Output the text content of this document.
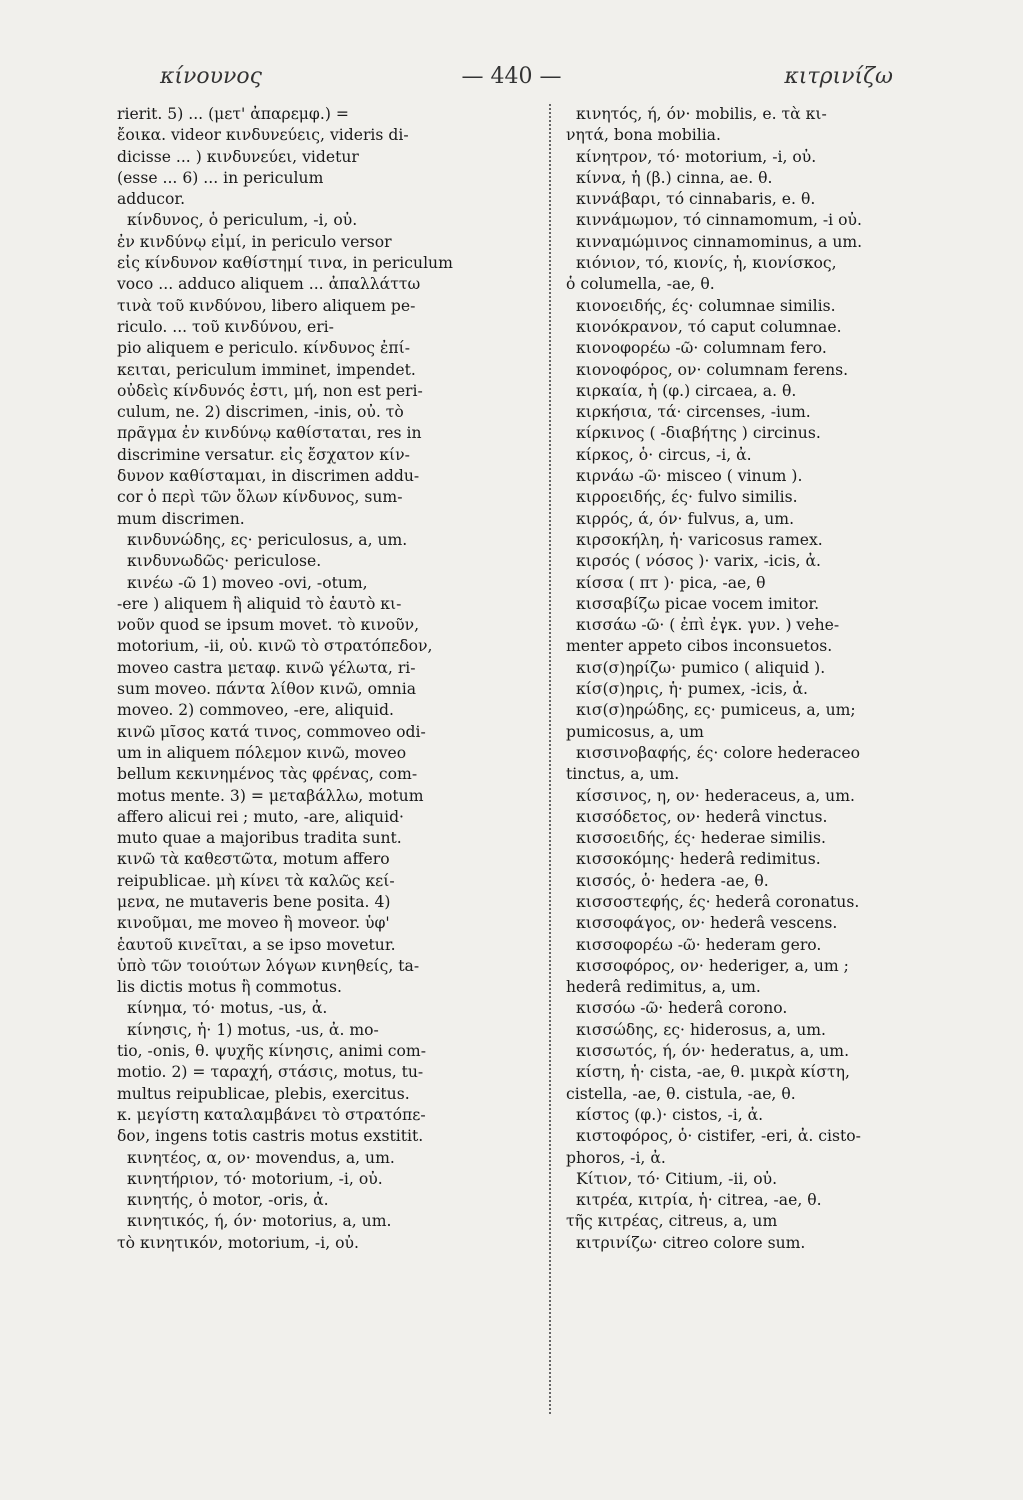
κίνουνος	— 440 —	κιτρινίζω
rierit. 5) ... (μετ' ἀπαρεμφ.) =
ἔοικα. videor κινδυνεύεις, videris di-
dicisse ... ) κινδυνεύει, videtur
(esse ... 6) ... in periculum
adducor.
κίνδυνος, ὁ periculum, -i, οὐ.
ἐν κινδύνῳ εἰμί, in periculo versor
εἰς κίνδυνον καθίστημί τινα, in periculum
voco ... adduco aliquem ... ἀπαλλάττω
τινὰ τοῦ κινδύνου, libero aliquem pe-
riculo. ... τοῦ κινδύνου, eri-
pio aliquem e periculo. κίνδυνος ἐπί-
κειται, periculum imminet, impendet.
οὐδεὶς κίνδυνός ἐστι, μή, non est peri-
culum, ne. 2) discrimen, -inis, οὐ. τὸ
πρᾶγμα ἐν κινδύνῳ καθίσταται, res in
discrimine versatur. εἰς ἔσχατον κίν-
δυνον καθίσταμαι, in discrimen addu-
cor ὁ περὶ τῶν ὅλων κίνδυνος, sum-
mum discrimen.
κινδυνώδης, ες· periculosus, a, um.
κινδυνωδῶς· periculose.
κινέω -ῶ 1) moveo -ovi, -otum,
-ere ) aliquem ἢ aliquid τὸ ἑαυτὸ κι-
νοῦν quod se ipsum movet. τὸ κινοῦν,
motorium, -ii, οὐ. κινῶ τὸ στρατόπεδον,
moveo castra μεταφ. κινῶ γέλωτα, ri-
sum moveo. πάντα λίθον κινῶ, omnia
moveo. 2) commoveo, -ere, aliquid.
κινῶ μῖσος κατά τινος, commoveo odi-
um in aliquem πόλεμον κινῶ, moveo
bellum κεκινημένος τὰς φρένας, com-
motus mente. 3) = μεταβάλλω, motum
affero alicui rei ; muto, -are, aliquid·
muto quae a majoribus tradita sunt.
κινῶ τὰ καθεστῶτα, motum affero
reipublicae. μὴ κίνει τὰ καλῶς κεί-
μενα, ne mutaveris bene posita. 4)
κινοῦμαι, me moveo ἢ moveor. ὑφ'
ἑαυτοῦ κινεῖται, a se ipso movetur.
ὑπὸ τῶν τοιούτων λόγων κινηθείς, ta-
lis dictis motus ἢ commotus.
κίνημα, τό· motus, -us, ἀ.
κίνησις, ἡ· 1) motus, -us, ἀ. mo-
tio, -onis, θ. ψυχῆς κίνησις, animi com-
motio. 2) = ταραχή, στάσις, motus, tu-
multus reipublicae, plebis, exercitus.
κ. μεγίστη καταλαμβάνει τὸ στρατόπε-
δον, ingens totis castris motus exstitit.
κινητέος, α, ον· movendus, a, um.
κινητήριον, τό· motorium, -i, οὐ.
κινητής, ὁ motor, -oris, ἀ.
κινητικός, ή, όν· motorius, a, um.
τὸ κινητικόν, motorium, -i, οὐ.
κινητός, ή, όν· mobilis, e. τὰ κι-
νητά, bona mobilia.
κίνητρον, τό· motorium, -i, οὐ.
κίννα, ἡ (β.) cinna, ae. θ.
κιννάβαρι, τό cinnabaris, e. θ.
κιννάμωμον, τό cinnamomum, -i οὐ.
κινναμώμινος cinnamominus, a um.
κιόνιον, τό, κιονίς, ἡ, κιονίσκος,
ὁ columella, -ae, θ.
κιονοειδής, ές· columnae similis.
κιονόκρανον, τό caput columnae.
κιονοφορέω -ῶ· columnam fero.
κιονοφόρος, ον· columnam ferens.
κιρκαία, ἡ (φ.) circaea, a. θ.
κιρκήσια, τά· circenses, -ium.
κίρκινος ( -διαβήτης ) circinus.
κίρκος, ὁ· circus, -i, ἀ.
κιρνάω -ῶ· misceo ( vinum ).
κιρροειδής, ές· fulvo similis.
κιρρός, ά, όν· fulvus, a, um.
κιρσοκήλη, ἡ· varicosus ramex.
κιρσός ( νόσος )· varix, -icis, ἀ.
κίσσα ( πτ )· pica, -ae, θ
κισσαβίζω picae vocem imitor.
κισσάω -ῶ· ( ἐπὶ ἐγκ. γυν. ) vehe-
menter appeto cibos inconsuetos.
κισ(σ)ηρίζω· pumico ( aliquid ).
κίσ(σ)ηρις, ἡ· pumex, -icis, ἀ.
κισ(σ)ηρώδης, ες· pumiceus, a, um;
pumicosus, a, um
κισσινοβαφής, ές· colore hederaceo
tinctus, a, um.
κίσσινος, η, ον· hederaceus, a, um.
κισσόδετος, ον· hederâ vinctus.
κισσοειδής, ές· hederae similis.
κισσοκόμης· hederâ redimitus.
κισσός, ὁ· hedera -ae, θ.
κισσοστεφής, ές· hederâ coronatus.
κισσοφάγος, ον· hederâ vescens.
κισσοφορέω -ῶ· hederam gero.
κισσοφόρος, ον· hederiger, a, um ;
hederâ redimitus, a, um.
κισσόω -ῶ· hederâ corono.
κισσώδης, ες· hiderosus, a, um.
κισσωτός, ή, όν· hederatus, a, um.
κίστη, ἡ· cista, -ae, θ. μικρὰ κίστη,
cistella, -ae, θ. cistula, -ae, θ.
κίστος (φ.)· cistos, -i, ἀ.
κιστοφόρος, ὁ· cistifer, -eri, ἀ. cisto-
phoros, -i, ἀ.
Κίτιον, τό· Citium, -ii, οὐ.
κιτρέα, κιτρία, ἡ· citrea, -ae, θ.
τῆς κιτρέας, citreus, a, um
κιτρινίζω· citreo colore sum.
